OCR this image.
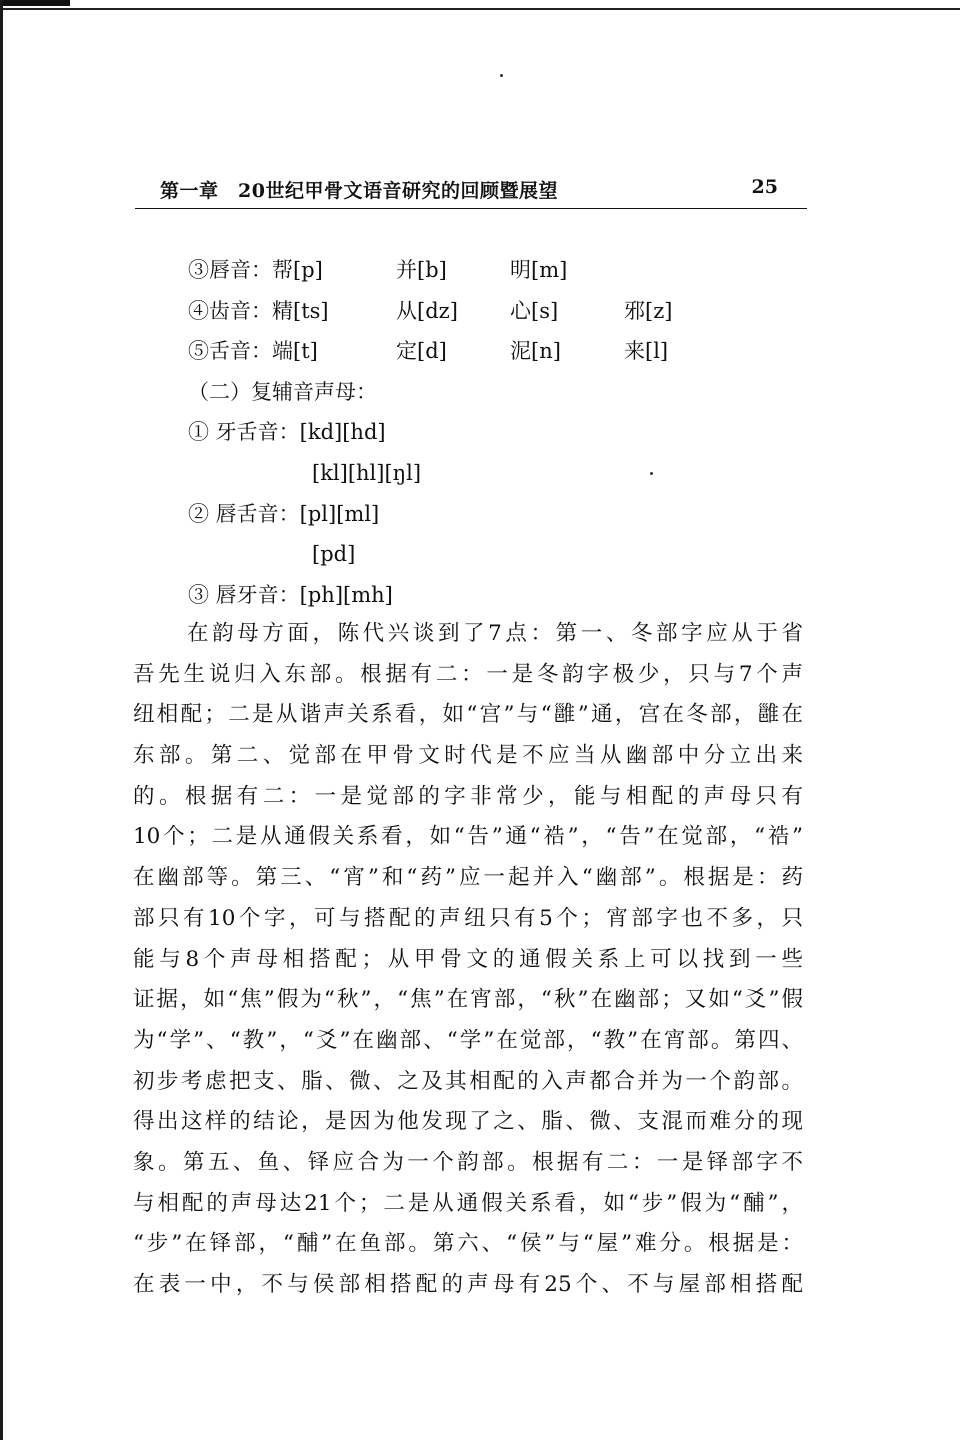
第一章　20世纪甲骨文语音研究的回顾暨展望	25
③唇音：帮[p]	并[b]	明[m]
④齿音：精[ts]	从[dz] 心[s]	邪[z]
⑤舌音：端[t]	定[d]	泥[n]	来[l]
（二）复辅音声母：
① 牙舌音：[kd][hd]
[kl][hl][ŋl]
② 唇舌音：[pl][ml]
[pd]
③ 唇牙音：[ph][mh]
在韵母方面，陈代兴谈到了7点：第一、冬部字应从于省
吾先生说归入东部。根据有二：一是冬韵字极少，只与7个声
纽相配；二是从谐声关系看，如“宫”与“雝”通，宫在冬部，雝在
东部。第二、觉部在甲骨文时代是不应当从幽部中分立出来
的。根据有二：一是觉部的字非常少，能与相配的声母只有
10个；二是从通假关系看，如“告”通“祰”，“告”在觉部，“祰”
在幽部等。第三、“宵”和“药”应一起并入“幽部”。根据是：药
部只有10个字，可与搭配的声纽只有5个；宵部字也不多，只
能与8个声母相搭配；从甲骨文的通假关系上可以找到一些
证据，如“焦”假为“秋”，“焦”在宵部，“秋”在幽部；又如“爻”假
为“学”、“教”，“爻”在幽部、“学”在觉部，“教”在宵部。第四、
初步考虑把支、脂、微、之及其相配的入声都合并为一个韵部。
得出这样的结论，是因为他发现了之、脂、微、支混而难分的现
象。第五、鱼、铎应合为一个韵部。根据有二：一是铎部字不
与相配的声母达21个；二是从通假关系看，如“步”假为“酺”，
“步”在铎部，“酺”在鱼部。第六、“侯”与“屋”难分。根据是：
在表一中，不与侯部相搭配的声母有25个、不与屋部相搭配
